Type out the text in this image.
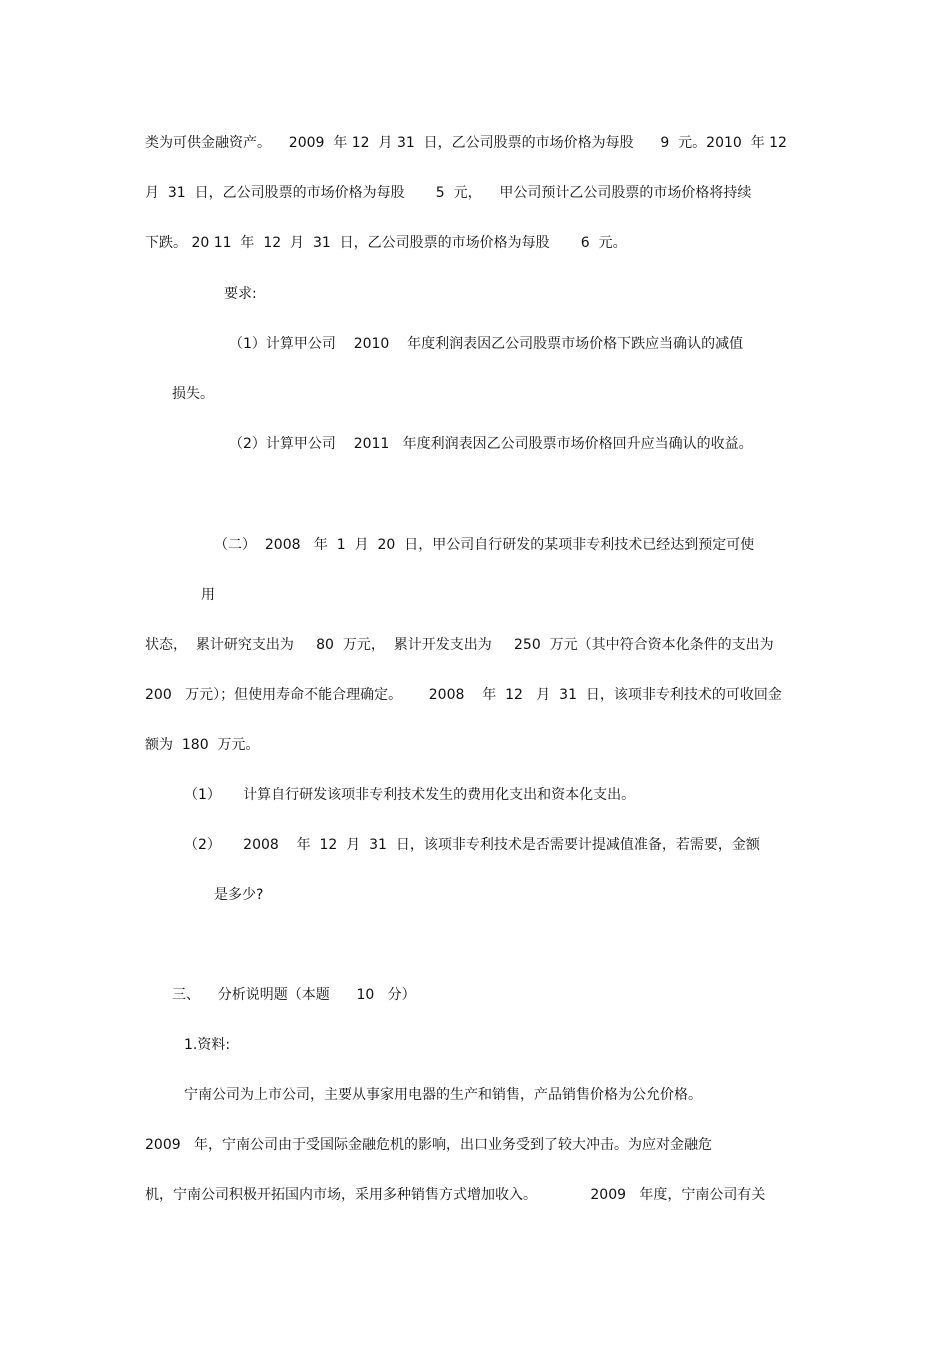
类为可供金融资产。    2009  年 12  月 31  日，乙公司股票的市场价格为每股      9  元。2010  年 12
月  31  日，乙公司股票的市场价格为每股       5  元，    甲公司预计乙公司股票的市场价格将持续
下跌。 20 11  年  12  月  31  日，乙公司股票的市场价格为每股       6  元。
要求:
（1）计算甲公司    2010    年度利润表因乙公司股票市场价格下跌应当确认的减值
损失。
（2）计算甲公司    2011   年度利润表因乙公司股票市场价格回升应当确认的收益。
（二）  2008   年  1  月  20  日，甲公司自行研发的某项非专利技术已经达到预定可使
用
状态，  累计研究支出为     80  万元，  累计开发支出为     250  万元（其中符合资本化条件的支出为
200   万元）；但使用寿命不能合理确定。      2008    年  12   月  31  日，该项非专利技术的可收回金
额为  180  万元。
（1）     计算自行研发该项非专利技术发生的费用化支出和资本化支出。
（2）     2008    年  12  月  31  日，该项非专利技术是否需要计提减值准备，若需要，金额
是多少?
三、    分析说明题（本题      10   分）
1.资料:
宁南公司为上市公司，主要从事家用电器的生产和销售，产品销售价格为公允价格。
2009   年，宁南公司由于受国际金融危机的影响，出口业务受到了较大冲击。为应对金融危
机，宁南公司积极开拓国内市场，采用多种销售方式增加收入。            2009   年度，宁南公司有关
